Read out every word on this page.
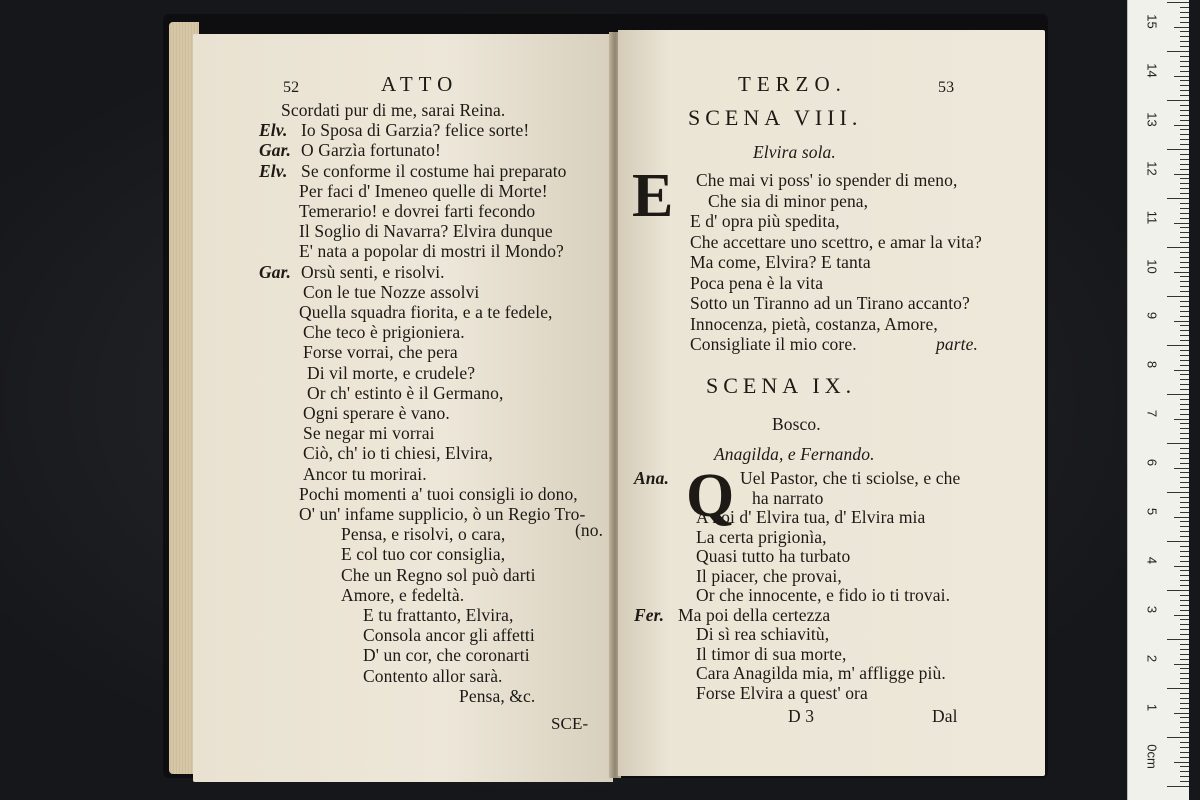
52	ATTO
Scordati pur di me, sarai Reina.
Elv. Io Sposa di Garzia? felice sorte!
Gar. O Garzìa fortunato!
Elv. Se conforme il costume hai preparato
Per faci d' Imeneo quelle di Morte!
Temerario! e dovrei farti fecondo
Il Soglio di Navarra? Elvira dunque
E' nata a popolar di mostri il Mondo?
Gar. Orsù senti, e risolvi.
Con le tue Nozze assolvi
Quella squadra fiorita, e a te fedele,
Che teco è prigioniera.
Forse vorrai, che pera
Di vil morte, e crudele?
Or ch' estinto è il Germano,
Ogni sperare è vano.
Se negar mi vorrai
Ciò, ch' io ti chiesi, Elvira,
Ancor tu morirai.
Pochi momenti a' tuoi consigli io dono,
O' un' infame supplicio, ò un Regio Tro-
Pensa, e risolvi, o cara,
E col tuo cor consiglia,
Che un Regno sol può darti
Amore, e fedeltà.
E tu frattanto, Elvira,
Consola ancor gli affetti
D' un cor, che coronarti
Contento allor sarà.
Pensa, &c.
(no.
SCE-
TERZO.	53
SCENA VIII.
Elvira sola.
E Che mai vi poss' io spender di meno,
Che sia di minor pena,
E d' opra più spedita,
Che accettare uno scettro, e amar la vita?
Ma come, Elvira? E tanta
Poca pena è la vita
Sotto un Tiranno ad un Tirano accanto?
Innocenza, pietà, costanza, Amore,
Consigliate il mio core.	parte.
SCENA IX.
Bosco.
Anagilda, e Fernando.
Q
Ana.	Uel Pastor, che ti sciolse, e che
ha narrato
A noi d' Elvira tua, d' Elvira mia
La certa prigionìa,
Quasi tutto ha turbato
Il piacer, che provai,
Or che innocente, e fido io ti trovai.
Fer. Ma poi della certezza
Di sì rea schiavitù,
Il timor di sua morte,
Cara Anagilda mia, m' affligge più.
Forse Elvira a quest' ora
D 3	Dal
15
14
13
12
11
10
9
8
7
6
5
4
3
2
1
0cm
